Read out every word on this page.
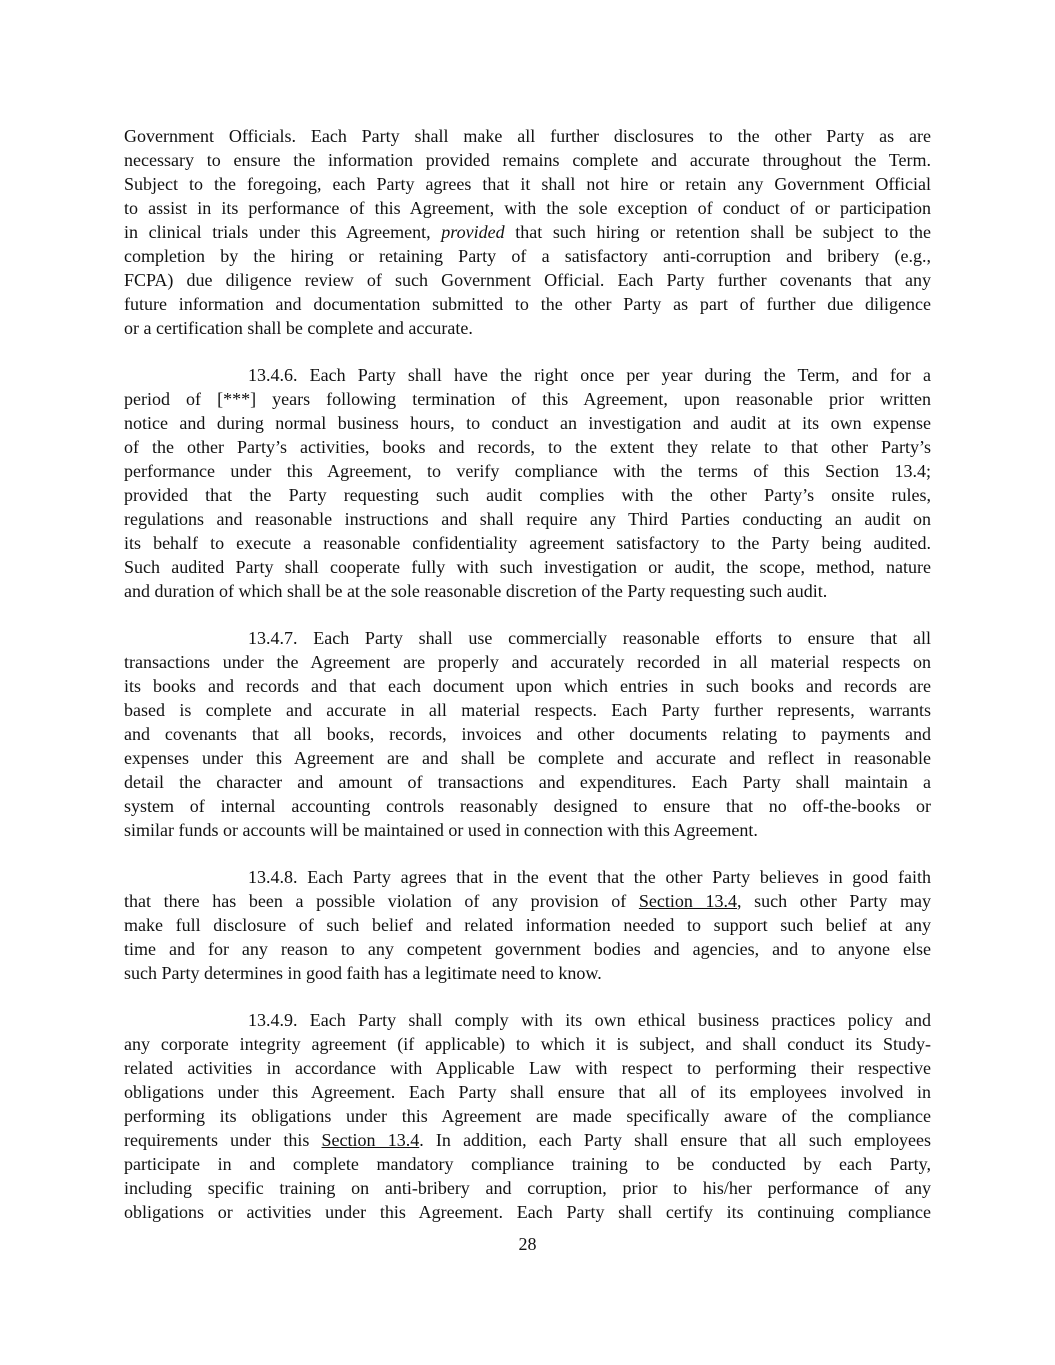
Government Officials. Each Party shall make all further disclosures to the other Party as are
necessary to ensure the information provided remains complete and accurate throughout the Term.
Subject to the foregoing, each Party agrees that it shall not hire or retain any Government Official
to assist in its performance of this Agreement, with the sole exception of conduct of or participation
in clinical trials under this Agreement, provided that such hiring or retention shall be subject to the
completion by the hiring or retaining Party of a satisfactory anti-corruption and bribery (e.g.,
FCPA) due diligence review of such Government Official. Each Party further covenants that any
future information and documentation submitted to the other Party as part of further due diligence
or a certification shall be complete and accurate.
13.4.6. Each Party shall have the right once per year during the Term, and for a
period of [***] years following termination of this Agreement, upon reasonable prior written
notice and during normal business hours, to conduct an investigation and audit at its own expense
of the other Party’s activities, books and records, to the extent they relate to that other Party’s
performance under this Agreement, to verify compliance with the terms of this Section 13.4;
provided that the Party requesting such audit complies with the other Party’s onsite rules,
regulations and reasonable instructions and shall require any Third Parties conducting an audit on
its behalf to execute a reasonable confidentiality agreement satisfactory to the Party being audited.
Such audited Party shall cooperate fully with such investigation or audit, the scope, method, nature
and duration of which shall be at the sole reasonable discretion of the Party requesting such audit.
13.4.7. Each Party shall use commercially reasonable efforts to ensure that all
transactions under the Agreement are properly and accurately recorded in all material respects on
its books and records and that each document upon which entries in such books and records are
based is complete and accurate in all material respects. Each Party further represents, warrants
and covenants that all books, records, invoices and other documents relating to payments and
expenses under this Agreement are and shall be complete and accurate and reflect in reasonable
detail the character and amount of transactions and expenditures. Each Party shall maintain a
system of internal accounting controls reasonably designed to ensure that no off-the-books or
similar funds or accounts will be maintained or used in connection with this Agreement.
13.4.8. Each Party agrees that in the event that the other Party believes in good faith
that there has been a possible violation of any provision of Section 13.4, such other Party may
make full disclosure of such belief and related information needed to support such belief at any
time and for any reason to any competent government bodies and agencies, and to anyone else
such Party determines in good faith has a legitimate need to know.
13.4.9. Each Party shall comply with its own ethical business practices policy and
any corporate integrity agreement (if applicable) to which it is subject, and shall conduct its Study-
related activities in accordance with Applicable Law with respect to performing their respective
obligations under this Agreement. Each Party shall ensure that all of its employees involved in
performing its obligations under this Agreement are made specifically aware of the compliance
requirements under this Section 13.4. In addition, each Party shall ensure that all such employees
participate in and complete mandatory compliance training to be conducted by each Party,
including specific training on anti-bribery and corruption, prior to his/her performance of any
obligations or activities under this Agreement. Each Party shall certify its continuing compliance
28
